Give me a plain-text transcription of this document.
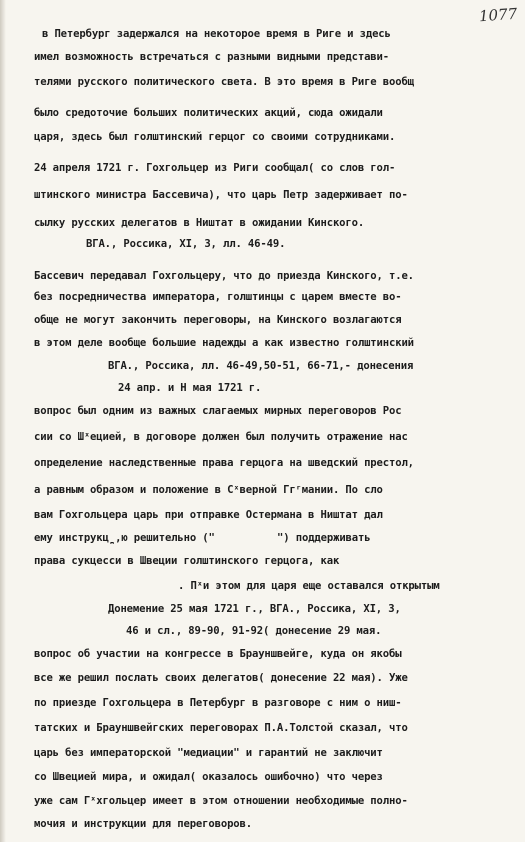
1077
в Петербург задержался на некоторое время в Риге и здесь
имел возможность встречаться с разными видными представи-
телями русского политического света. В это время в Риге вообщ
было средоточие больших политических акций, сюда ожидали
царя, здесь был голштинский герцог со своими сотрудниками.
24 апреля 1721 г. Гохгольцер из Риги сообщал( со слов гол-
штинского министра Бассевича), что царь Петр задерживает по-
сылку русских делегатов в Ништат в ожидании Кинского.
ВГА., Россика, XI, 3, лл. 46-49.
Бассевич передавал Гохгольцеру, что до приезда Кинского, т.е.
без посредничества императора, голштинцы с царем вместе во-
обще не могут закончить переговоры, на Кинского возлагаются
в этом деле вообще большие надежды а как известно голштинский
ВГА., Россика, лл. 46-49,50-51, 66-71,- донесения
24 апр. и Н мая 1721 г.
вопрос был одним из важных слагаемых мирных переговоров Рос
сии со Шˣецией, в договоре должен был получить отражение нас
определение наследственные права герцога на шведский престол,
а равным образом и положение в Сˣверной Ггʳмании. По сло
вам Гохгольцера царь при отправке Остермана в Ништат дал
ему инструкц̪,ю решительно ("          ") поддерживать
права сукцесси в Швеции голштинского герцога, как
. Пˣи этом для царя еще оставался открытым
Донемение 25 мая 1721 г., ВГА., Россика, XI, 3,
46 и сл., 89-90, 91-92( донесение 29 мая.
вопрос об участии на конгрессе в Брауншвейге, куда он якобы
все же решил послать своих делегатов( донесение 22 мая). Уже
по приезде Гохгольцера в Петербург в разговоре с ним о ниш-
татских и Брауншвейгских переговорах П.А.Толстой сказал, что
царь без императорской "медиации" и гарантий не заключит
со Швецией мира, и ожидал( оказалось ошибочно) что через
уже сам Гˣхгольцер имеет в этом отношении необходимые полно-
мочия и инструкции для переговоров.
